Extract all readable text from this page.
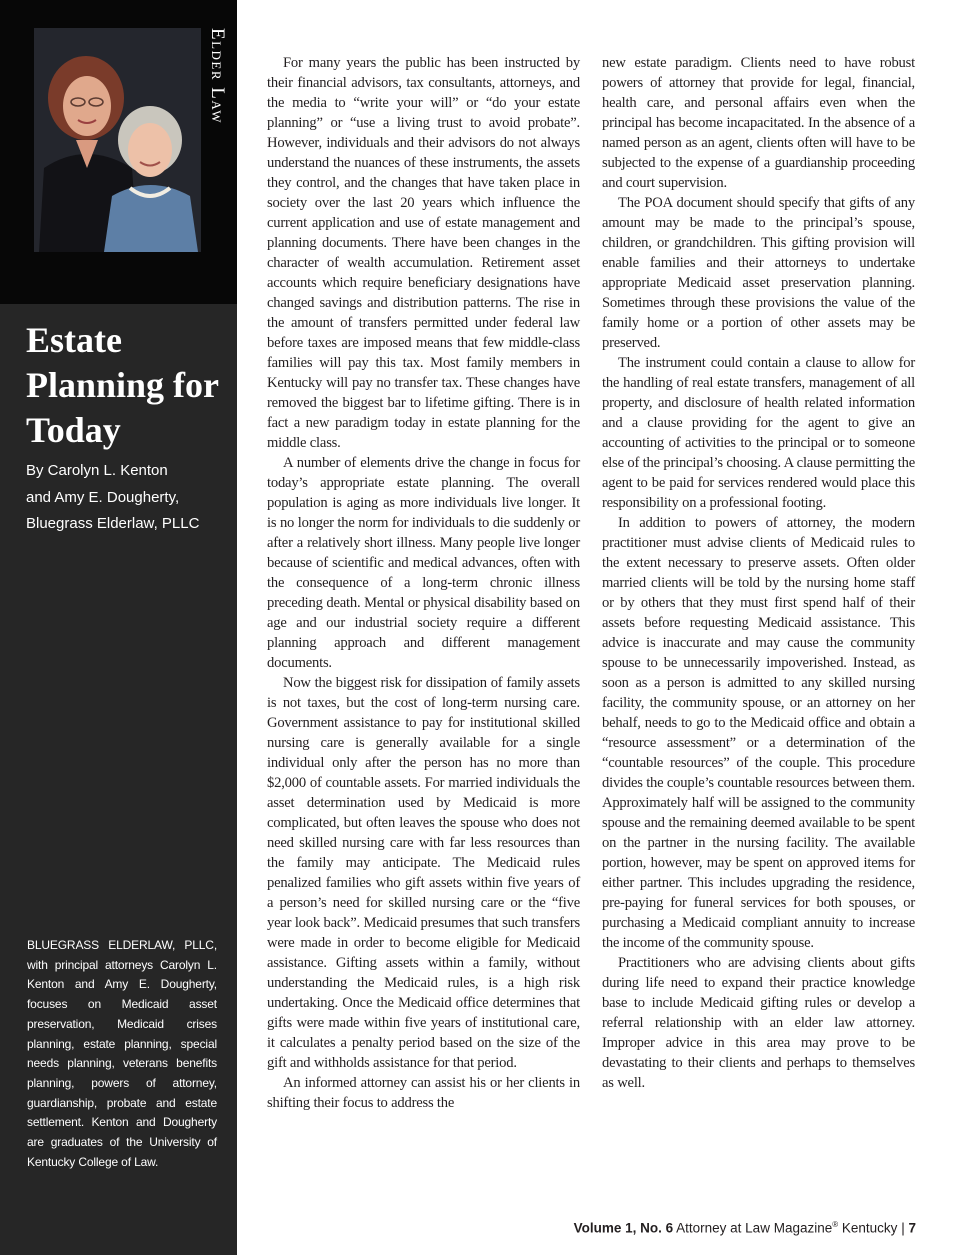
Elder Law
Estate Planning for Today
By Carolyn L. Kenton
and Amy E. Dougherty,
Bluegrass Elderlaw, PLLC

BLUEGRASS ELDERLAW, PLLC, with principal attorneys Carolyn L. Kenton and Amy E. Dougherty, focuses on Medicaid asset preservation, Medicaid crises planning, estate planning, special needs planning, veterans benefits planning, powers of attorney, guardianship, probate and estate settlement. Kenton and Dougherty are graduates of the University of Kentucky College of Law.

For many years the public has been instructed by their financial advisors, tax consultants, attorneys, and the media to “write your will” or “do your estate planning” or “use a living trust to avoid probate”. However, individuals and their advisors do not always understand the nuances of these instruments, the assets they control, and the changes that have taken place in society over the last 20 years which influence the current application and use of estate management and planning documents. There have been changes in the character of wealth accumulation. Retirement asset accounts which require beneficiary designations have changed savings and distribution patterns. The rise in the amount of transfers permitted under federal law before taxes are imposed means that few middle-class families will pay this tax. Most family members in Kentucky will pay no transfer tax. These changes have removed the biggest bar to lifetime gifting. There is in fact a new paradigm today in estate planning for the middle class.

A number of elements drive the change in focus for today’s appropriate estate planning. The overall population is aging as more individuals live longer. It is no longer the norm for individuals to die suddenly or after a relatively short illness. Many people live longer because of scientific and medical advances, often with the consequence of a long-term chronic illness preceding death. Mental or physical disability based on age and our industrial society require a different planning approach and different management documents.

Now the biggest risk for dissipation of family assets is not taxes, but the cost of long-term nursing care. Government assistance to pay for institutional skilled nursing care is generally available for a single individual only after the person has no more than $2,000 of countable assets. For married individuals the asset determination used by Medicaid is more complicated, but often leaves the spouse who does not need skilled nursing care with far less resources than the family may anticipate. The Medicaid rules penalized families who gift assets within five years of a person’s need for skilled nursing care or the “five year look back”. Medicaid presumes that such transfers were made in order to become eligible for Medicaid assistance. Gifting assets within a family, without understanding the Medicaid rules, is a high risk undertaking. Once the Medicaid office determines that gifts were made within five years of institutional care, it calculates a penalty period based on the size of the gift and withholds assistance for that period.

An informed attorney can assist his or her clients in shifting their focus to address the

new estate paradigm. Clients need to have robust powers of attorney that provide for legal, financial, health care, and personal affairs even when the principal has become incapacitated. In the absence of a named person as an agent, clients often will have to be subjected to the expense of a guardianship proceeding and court supervision.

The POA document should specify that gifts of any amount may be made to the principal’s spouse, children, or grandchildren. This gifting provision will enable families and their attorneys to undertake appropriate Medicaid asset preservation planning. Sometimes through these provisions the value of the family home or a portion of other assets may be preserved.

The instrument could contain a clause to allow for the handling of real estate transfers, management of all property, and disclosure of health related information and a clause providing for the agent to give an accounting of activities to the principal or to someone else of the principal’s choosing. A clause permitting the agent to be paid for services rendered would place this responsibility on a professional footing.

In addition to powers of attorney, the modern practitioner must advise clients of Medicaid rules to the extent necessary to preserve assets. Often older married clients will be told by the nursing home staff or by others that they must first spend half of their assets before requesting Medicaid assistance. This advice is inaccurate and may cause the community spouse to be unnecessarily impoverished. Instead, as soon as a person is admitted to any skilled nursing facility, the community spouse, or an attorney on her behalf, needs to go to the Medicaid office and obtain a “resource assessment” or a determination of the “countable resources” of the couple. This procedure divides the couple’s countable resources between them. Approximately half will be assigned to the community spouse and the remaining deemed available to be spent on the partner in the nursing facility. The available portion, however, may be spent on approved items for either partner. This includes upgrading the residence, pre-paying for funeral services for both spouses, or purchasing a Medicaid compliant annuity to increase the income of the community spouse.

Practitioners who are advising clients about gifts during life need to expand their practice knowledge base to include Medicaid gifting rules or develop a referral relationship with an elder law attorney. Improper advice in this area may prove to be devastating to their clients and perhaps to themselves as well.

Volume 1, No. 6 Attorney at Law Magazine® Kentucky | 7
